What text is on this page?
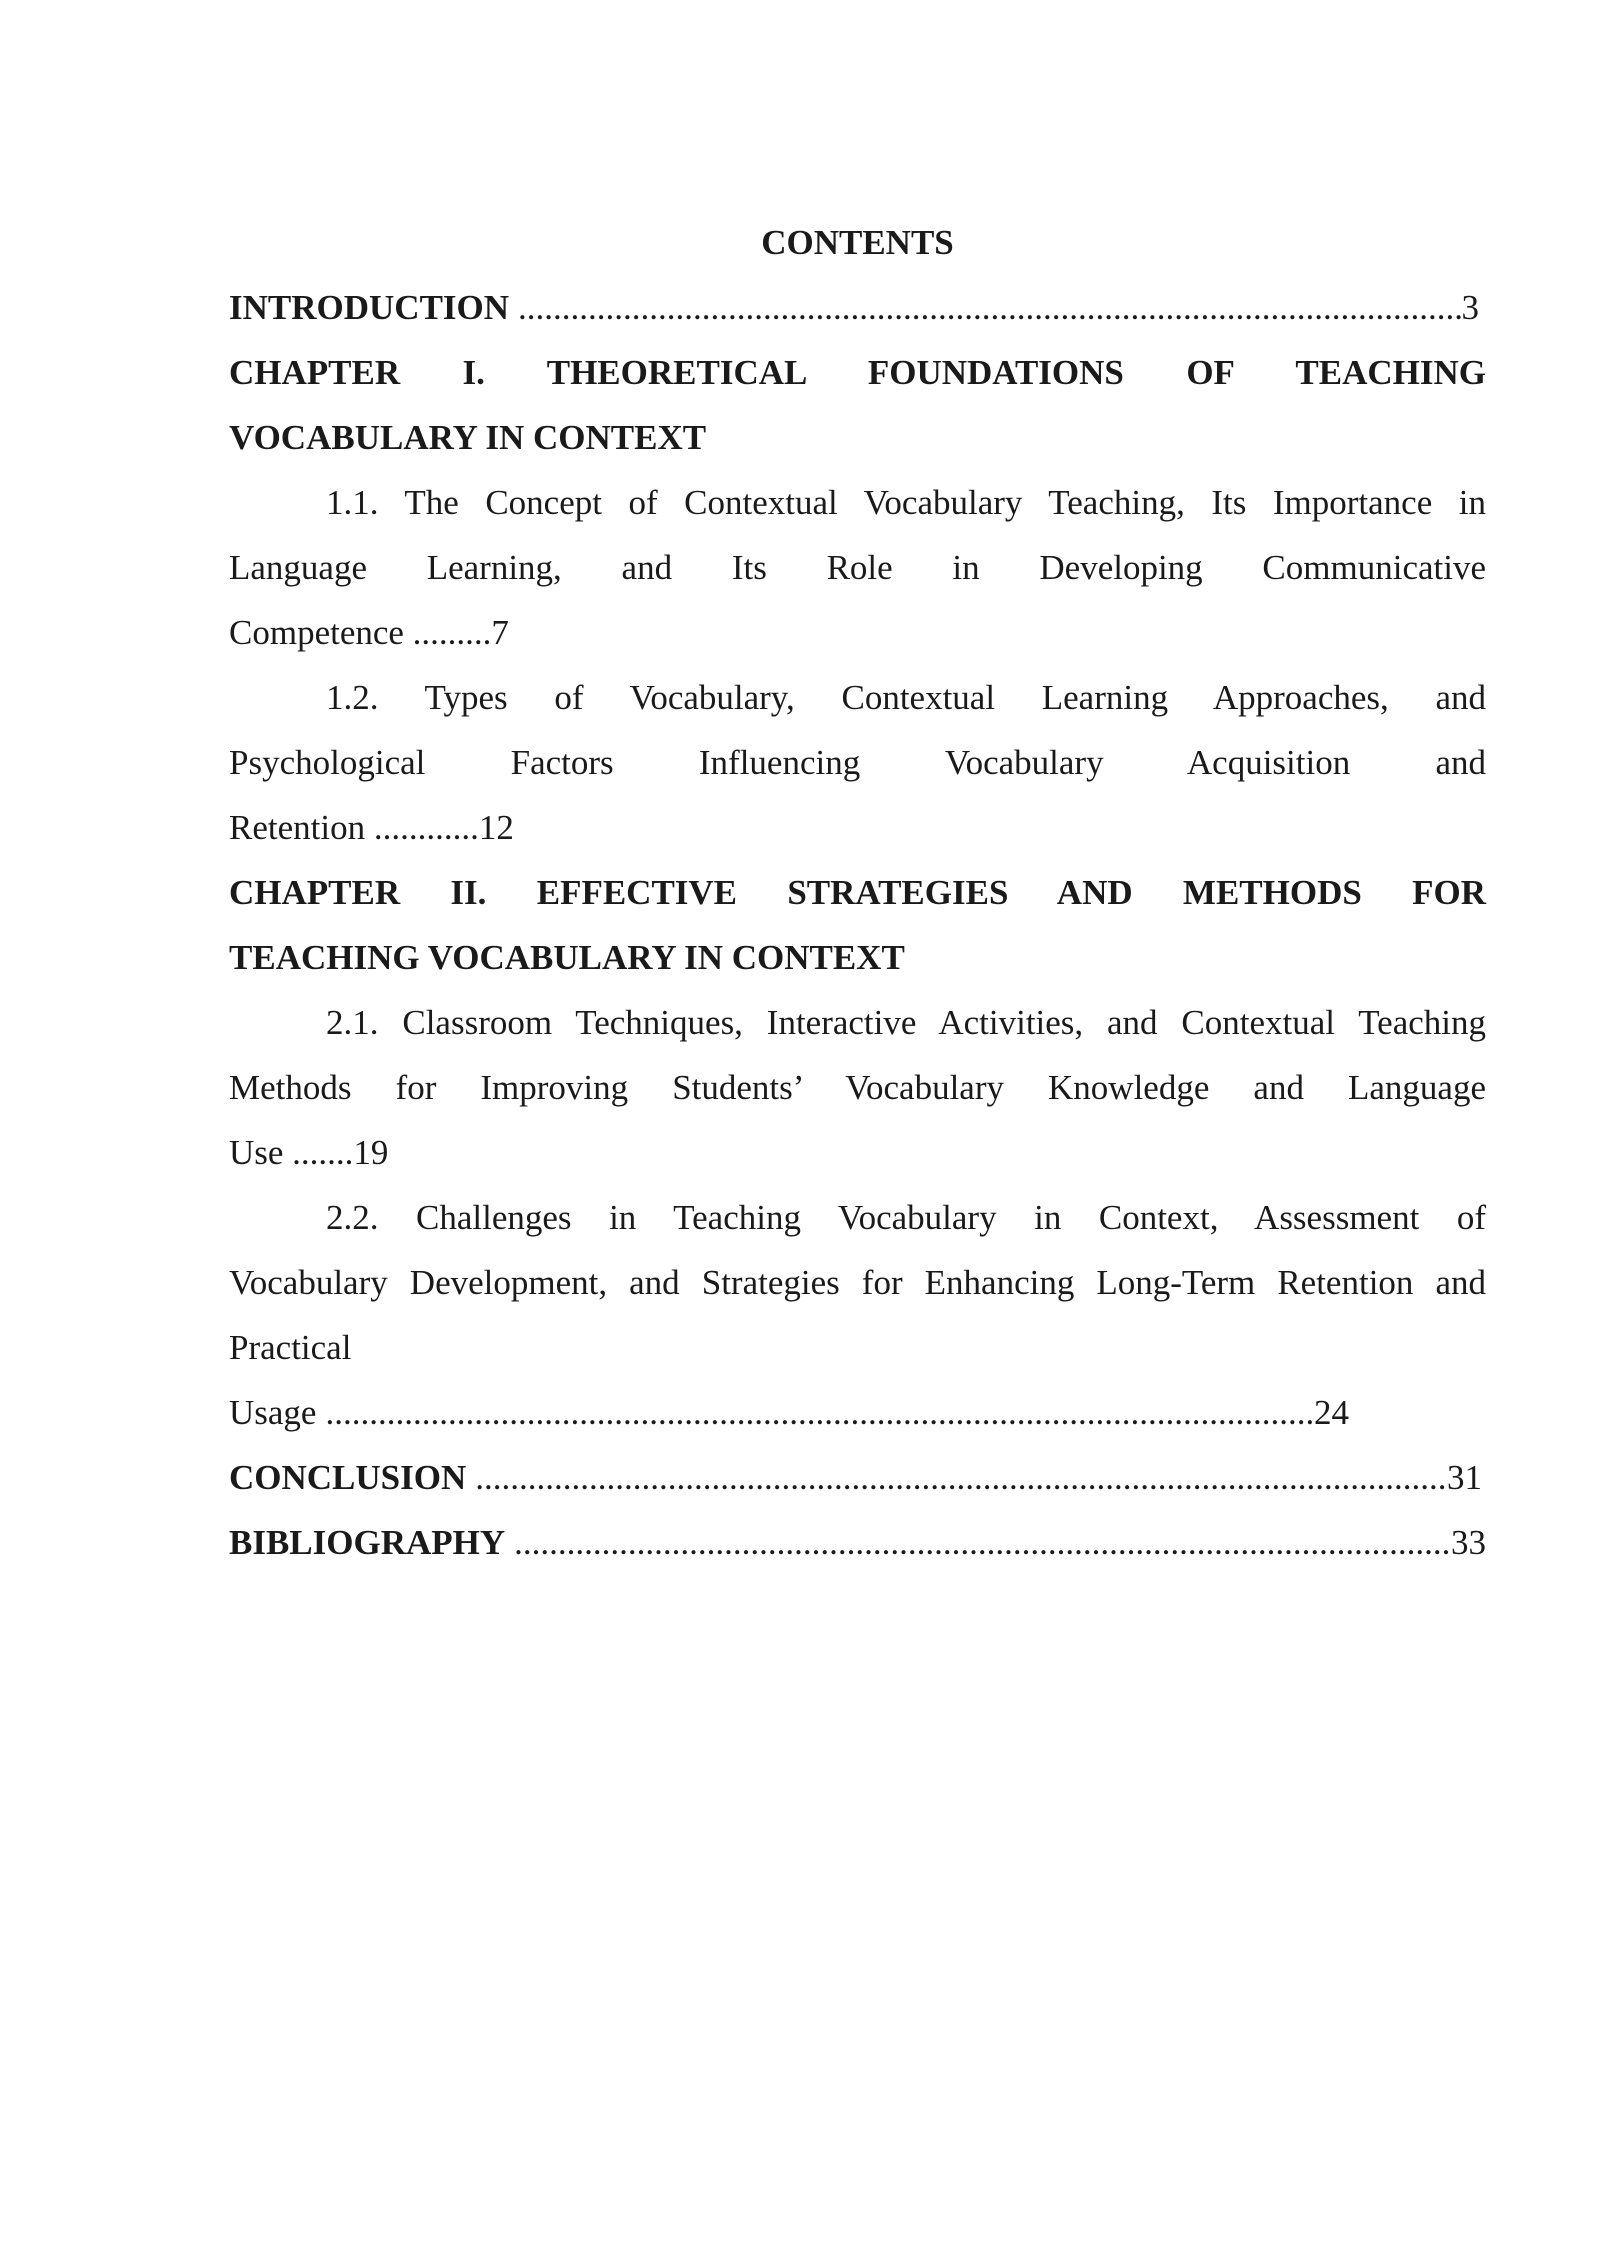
CONTENTS
INTRODUCTION .....	3
CHAPTER I. THEORETICAL FOUNDATIONS OF TEACHING
VOCABULARY IN CONTEXT
1.1. The Concept of Contextual Vocabulary Teaching, Its Importance in
Language Learning, and Its Role in Developing Communicative
Competence .........7
1.2. Types of Vocabulary, Contextual Learning Approaches, and
Psychological Factors Influencing Vocabulary Acquisition and
Retention ............12
CHAPTER II. EFFECTIVE STRATEGIES AND METHODS FOR
TEACHING VOCABULARY IN CONTEXT
2.1. Classroom Techniques, Interactive Activities, and Contextual Teaching
Methods for Improving Students’ Vocabulary Knowledge and Language
Use .......19
2.2. Challenges in Teaching Vocabulary in Context, Assessment of
Vocabulary Development, and Strategies for Enhancing Long-Term Retention and
Practical
Usage .....	24
CONCLUSION .....	31
BIBLIOGRAPHY .....	33
